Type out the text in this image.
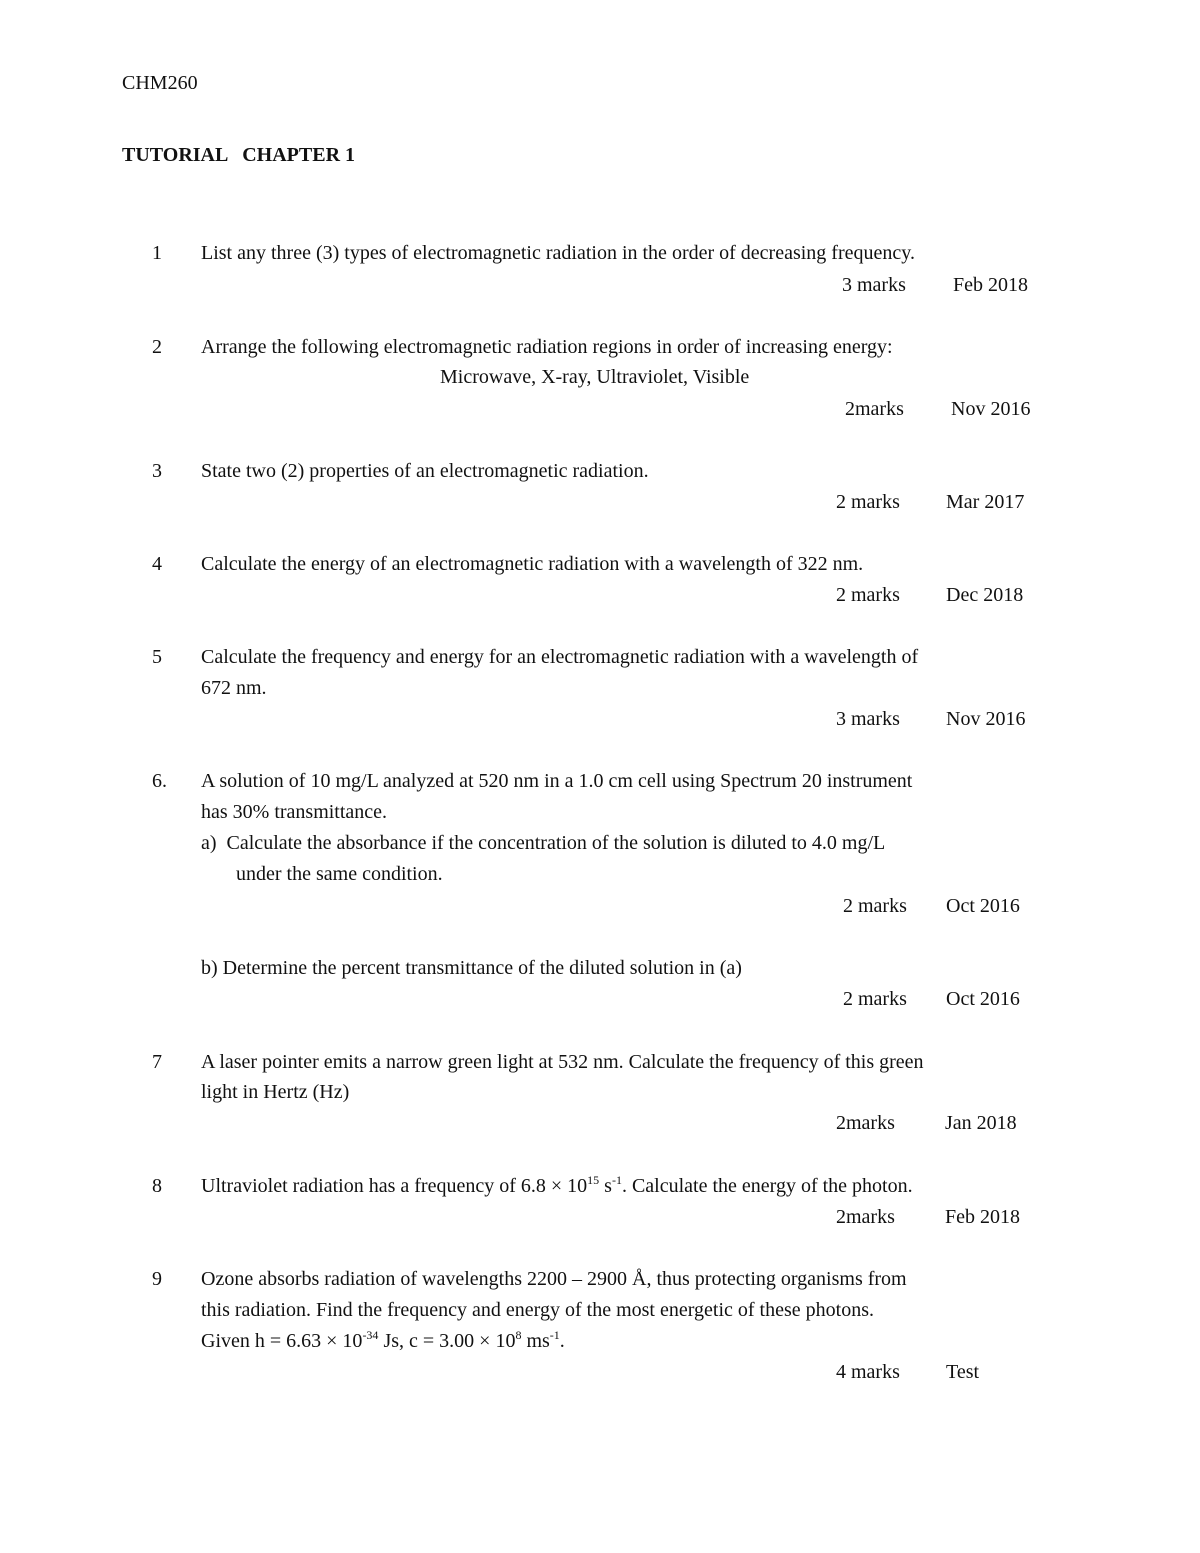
CHM260
TUTORIAL   CHAPTER 1
1 List any three (3) types of electromagnetic radiation in the order of decreasing frequency.
3 marks Feb 2018
2 Arrange the following electromagnetic radiation regions in order of increasing energy:
Microwave, X-ray, Ultraviolet, Visible
2marks Nov 2016
3 State two (2) properties of an electromagnetic radiation.
2 marks Mar 2017
4 Calculate the energy of an electromagnetic radiation with a wavelength of 322 nm.
2 marks Dec 2018
5 Calculate the frequency and energy for an electromagnetic radiation with a wavelength of
672 nm.
3 marks Nov 2016
6. A solution of 10 mg/L analyzed at 520 nm in a 1.0 cm cell using Spectrum 20 instrument
has 30% transmittance.
a)  Calculate the absorbance if the concentration of the solution is diluted to 4.0 mg/L
under the same condition.
2 marks Oct 2016
b) Determine the percent transmittance of the diluted solution in (a)
2 marks Oct 2016
7 A laser pointer emits a narrow green light at 532 nm. Calculate the frequency of this green
light in Hertz (Hz)
2marks	Jan 2018
8 Ultraviolet radiation has a frequency of $6.8 \times 10^{15}$ $s^{-1}$. Calculate the energy of the photon.
2marks	Feb 2018
9 Ozone absorbs radiation of wavelengths 2200 – 2900 Å, thus protecting organisms from
this radiation. Find the frequency and energy of the most energetic of these photons.
Given $h = 6.63 \times 10^{-34}$ Js, $c = 3.00 \times 10^8$ $ms^{-1}$.
4 marks Test
